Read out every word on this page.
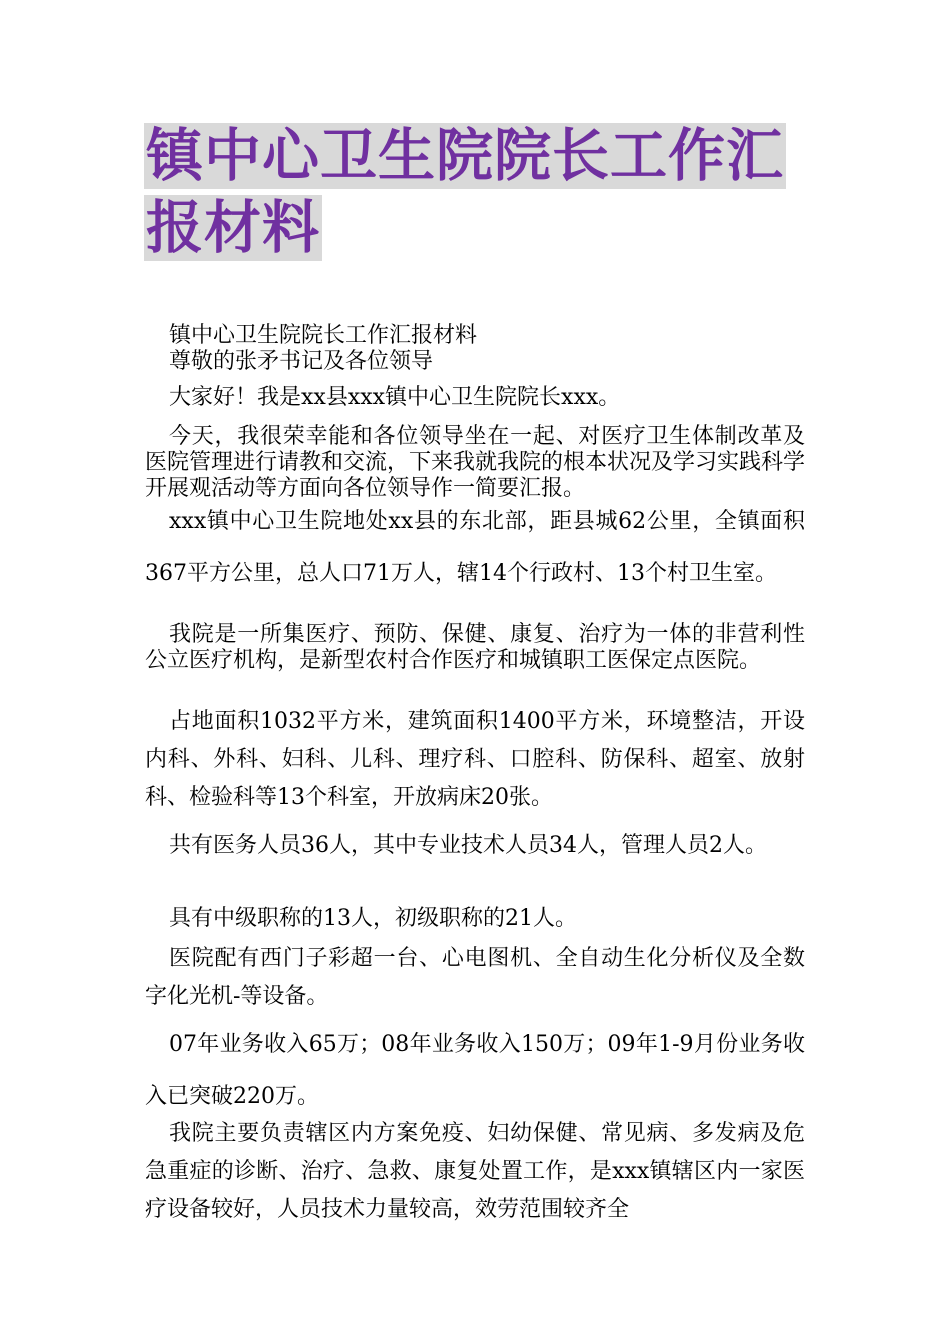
镇中心卫生院院长工作汇
报材料

镇中心卫生院院长工作汇报材料

尊敬的张矛书记及各位领导

大家好！我是xx县xxx镇中心卫生院院长xxx。

今天，我很荣幸能和各位领导坐在一起、对医疗卫生体制改革及医院管理进行请教和交流，下来我就我院的根本状况及学习实践科学开展观活动等方面向各位领导作一简要汇报。

xxx镇中心卫生院地处xx县的东北部，距县城62公里，全镇面积367平方公里，总人口71万人，辖14个行政村、13个村卫生室。

我院是一所集医疗、预防、保健、康复、治疗为一体的非营利性公立医疗机构，是新型农村合作医疗和城镇职工医保定点医院。

占地面积1032平方米，建筑面积1400平方米，环境整洁，开设内科、外科、妇科、儿科、理疗科、口腔科、防保科、超室、放射科、检验科等13个科室，开放病床20张。

共有医务人员36人，其中专业技术人员34人，管理人员2人。

具有中级职称的13人，初级职称的21人。

医院配有西门子彩超一台、心电图机、全自动生化分析仪及全数字化光机-等设备。

07年业务收入65万；08年业务收入150万；09年1-9月份业务收入已突破220万。

我院主要负责辖区内方案免疫、妇幼保健、常见病、多发病及危急重症的诊断、治疗、急救、康复处置工作，是xxx镇辖区内一家医疗设备较好，人员技术力量较高，效劳范围较齐全
